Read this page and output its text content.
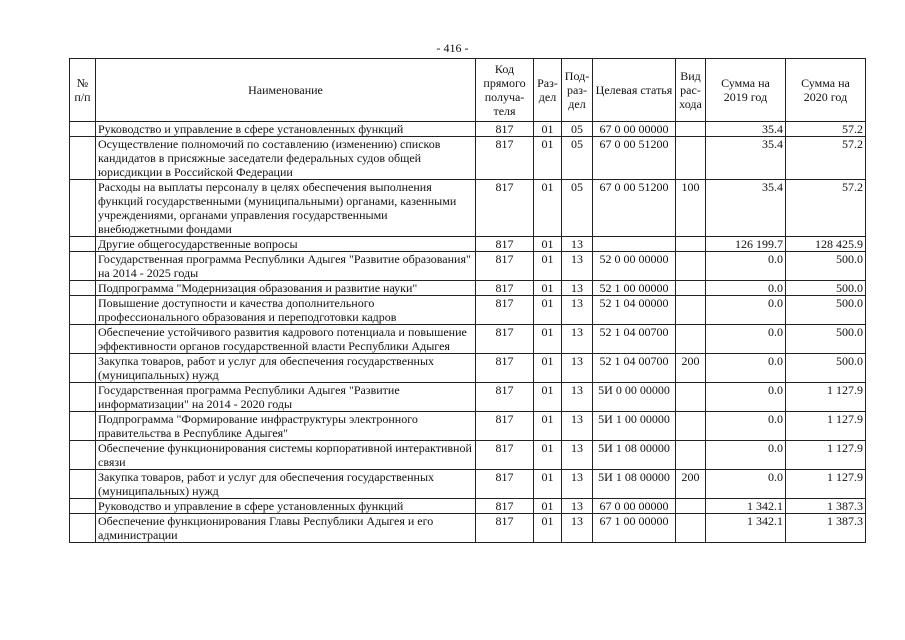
- 416 -
№ п/п	Наименование	Код прямого получа-теля	Раз-дел	Под-раз-дел	Целевая статья	Вид рас-хода	Сумма на 2019 год	Сумма на 2020 год
	Руководство и управление в сфере установленных функций	817	01	05	67 0 00 00000		35.4	57.2
	Осуществление полномочий по составлению (изменению) списков кандидатов в присяжные заседатели федеральных судов общей юрисдикции в Российской Федерации	817	01	05	67 0 00 51200		35.4	57.2
	Расходы на выплаты персоналу в целях обеспечения выполнения функций государственными (муниципальными) органами, казенными учреждениями, органами управления государственными внебюджетными фондами	817	01	05	67 0 00 51200	100	35.4	57.2
	Другие общегосударственные вопросы	817	01	13			126 199.7	128 425.9
	Государственная программа Республики Адыгея "Развитие образования" на 2014 - 2025 годы	817	01	13	52 0 00 00000		0.0	500.0
	Подпрограмма "Модернизация образования и развитие науки"	817	01	13	52 1 00 00000		0.0	500.0
	Повышение доступности и качества дополнительного профессионального образования и переподготовки кадров	817	01	13	52 1 04 00000		0.0	500.0
	Обеспечение устойчивого развития кадрового потенциала и повышение эффективности органов государственной власти Республики Адыгея	817	01	13	52 1 04 00700		0.0	500.0
	Закупка товаров, работ и услуг для обеспечения государственных (муниципальных) нужд	817	01	13	52 1 04 00700	200	0.0	500.0
	Государственная программа Республики Адыгея "Развитие информатизации" на 2014 - 2020 годы	817	01	13	5И 0 00 00000		0.0	1 127.9
	Подпрограмма "Формирование инфраструктуры электронного правительства в Республике Адыгея"	817	01	13	5И 1 00 00000		0.0	1 127.9
	Обеспечение функционирования системы корпоративной интерактивной связи	817	01	13	5И 1 08 00000		0.0	1 127.9
	Закупка товаров, работ и услуг для обеспечения государственных (муниципальных) нужд	817	01	13	5И 1 08 00000	200	0.0	1 127.9
	Руководство и управление в сфере установленных функций	817	01	13	67 0 00 00000		1 342.1	1 387.3
	Обеспечение функционирования Главы Республики Адыгея и его администрации	817	01	13	67 1 00 00000		1 342.1	1 387.3
